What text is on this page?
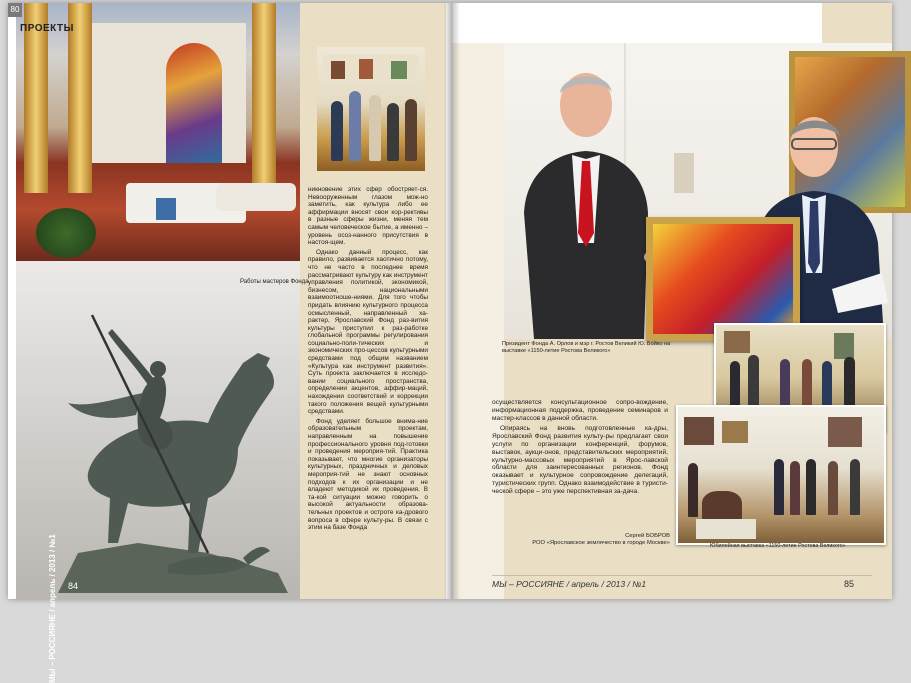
80
ПРОЕКТЫ
Работы мастеров Фонда
МЫ – РОССИЯНЕ / апрель / 2013 / №1 84

никновение этих сфер обостряет-ся. Невооруженным глазом мож-но заметить, как культура либо ее аффирмации вносят свои кор-рективы в разные сферы жизни, меняя тем самым человеческое бытие, а именно – уровень осоз-нанного присутствия в настоя-щем.

Однако данный процесс, как правило, развивается хаотично потому, что не часто в последнее время рассматривают культуру как инструмент управления политикой, экономикой, бизнесом, национальными взаимоотноше-ниями. Для того чтобы придать влиянию культурного процесса осмысленный, направленный ха-рактер, Ярославский Фонд раз-вития культуры приступил к раз-работке глобальной программы регулирования социально-поли-тических и экономических про-цессов культурными средствами под общим названием «Культура как инструмент развития». Суть проекта заключается в исследо-вании социального пространства, определении акцентов, аффир-маций, нахождении соответствий и коррекции такого положения вещей культурными средствами.

Фонд уделяет большое внима-ние образовательным проектам, направленным на повышение профессионального уровня под-готовки и проведения мероприя-тий. Практика показывает, что многие организаторы культурных, праздничных и деловых мероприя-тий не знают основных подходов к их организации и не владеют методикой их проведения. В та-кой ситуации можно говорить о высокой актуальности образова-тельных проектов и остроте ка-дрового вопроса в сфере культу-ры. В связи с этим на базе Фонда

Президент Фонда А. Орлов и мэр г. Ростов Великий Ю. Бойко на выставке «1150-летие Ростова Великого»
Юбилейная выставка «1150-летие Ростова Великого»

осуществляется консультационное сопро-вождение, информационная поддержка, проведение семинаров и мастер-классов в данной области.

Опираясь на вновь подготовленные ка-дры, Ярославский Фонд развития культу-ры предлагает свои услуги по организации конференций, форумов, выставок, аукци-онов, представительских мероприятий, культурно-массовых мероприятий в Ярос-лавской области для заинтересованных регионов. Фонд оказывает и культурное сопровождение делегаций, туристических групп. Однако взаимодействие в туристи-ческой сфере – это уже перспективная за-дача.

Сергей БОБРОВ
РОО «Ярославское землячество в городе Москве»
МЫ – РОССИЯНЕ / апрель / 2013 / №1	85
